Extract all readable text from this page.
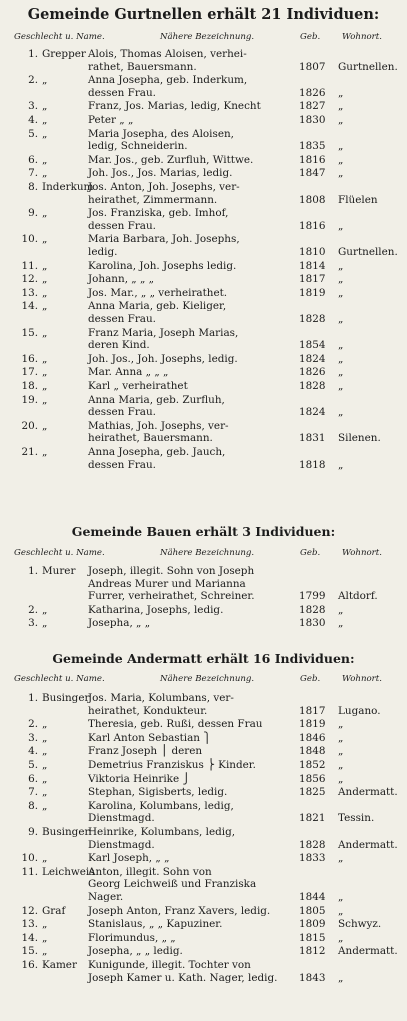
Gemeinde Gurtnellen erhält 21 Individuen:
Geschlecht u. Name.	Nähere Bezeichnung.	Geb.	Wohnort.
1. Grepper Alois, Thomas Aloisen, verhei-
rathet, Bauersmann.	1807 Gurtnellen.
2. „	Anna Josepha, geb. Inderkum,
dessen Frau.	1826 „
3. „	Franz, Jos. Marias, ledig, Knecht	1827 „
4. „	Peter „ „	1830 „
5. „	Maria Josepha, des Aloisen,
ledig, Schneiderin.	1835 „
6. „	Mar. Jos., geb. Zurfluh, Wittwe.	1816 „
7. „	Joh. Jos., Jos. Marias, ledig.	1847 „
8. Inderkum
Jos. Anton, Joh. Josephs, ver-
heirathet, Zimmermann.	1808 Flüelen
9. „	Jos. Franziska, geb. Imhof,
dessen Frau.	1816 „
10. „	Maria Barbara, Joh. Josephs,
ledig.	1810 Gurtnellen.
11. „	Karolina, Joh. Josephs ledig.	1814 „
12. „	Johann, „ „ „	1817 „
13. „	Jos. Mar., „ „ verheirathet.	1819 „
14. „	Anna Maria, geb. Kieliger,
dessen Frau.	1828 „
15. „	Franz Maria, Joseph Marias,
deren Kind.	1854 „
16. „	Joh. Jos., Joh. Josephs, ledig.	1824 „
17. „	Mar. Anna „ „ „	1826 „
18. „	Karl „ verheirathet	1828 „
19. „	Anna Maria, geb. Zurfluh,
dessen Frau.	1824 „
20. „	Mathias, Joh. Josephs, ver-
heirathet, Bauersmann.	1831 Silenen.
21. „	Anna Josepha, geb. Jauch,
dessen Frau.	1818 „
Gemeinde Bauen erhält 3 Individuen:
Geschlecht u. Name.	Nähere Bezeichnung.	Geb.	Wohnort.
1. Murer Joseph, illegit. Sohn von Joseph
Andreas Murer und Marianna
Furrer, verheirathet, Schreiner.	1799 Altdorf.
2. „	Katharina, Josephs, ledig.	1828 „
3. „	Josepha, „ „	1830 „
Gemeinde Andermatt erhält 16 Individuen:
Geschlecht u. Name.	Nähere Bezeichnung.	Geb.	Wohnort.
1. Businger
Jos. Maria, Kolumbans, ver-
heirathet, Kondukteur.	1817 Lugano.
2. „	Theresia, geb. Rußi, dessen Frau	1819 „
3. „	Karl Anton Sebastian ⎫	1846 „
4. „	Franz Joseph ⎪ deren	1848 „
5. „	Demetrius Franziskus ⎬ Kinder.	1852 „
6. „	Viktoria Heinrike ⎭	1856 „
7. „	Stephan, Sigisberts, ledig.	1825 Andermatt.
8. „	Karolina, Kolumbans, ledig,
Dienstmagd.	1821 Tessin.
9. Businger
Heinrike, Kolumbans, ledig,
Dienstmagd.	1828 Andermatt.
10. „	Karl Joseph, „ „	1833 „
11. Leichweis
Anton, illegit. Sohn von
Georg Leichweiß und Franziska
Nager.	1844 „
12. Graf Joseph Anton, Franz Xavers, ledig.	1805 „
13. „	Stanislaus, „ „ Kapuziner.	1809 Schwyz.
14. „	Florimundus, „ „	1815 „
15. „	Josepha, „ „ ledig.	1812 Andermatt.
16. Kamer Kunigunde, illegit. Tochter von
Joseph Kamer u. Kath. Nager, ledig. 1843 „
